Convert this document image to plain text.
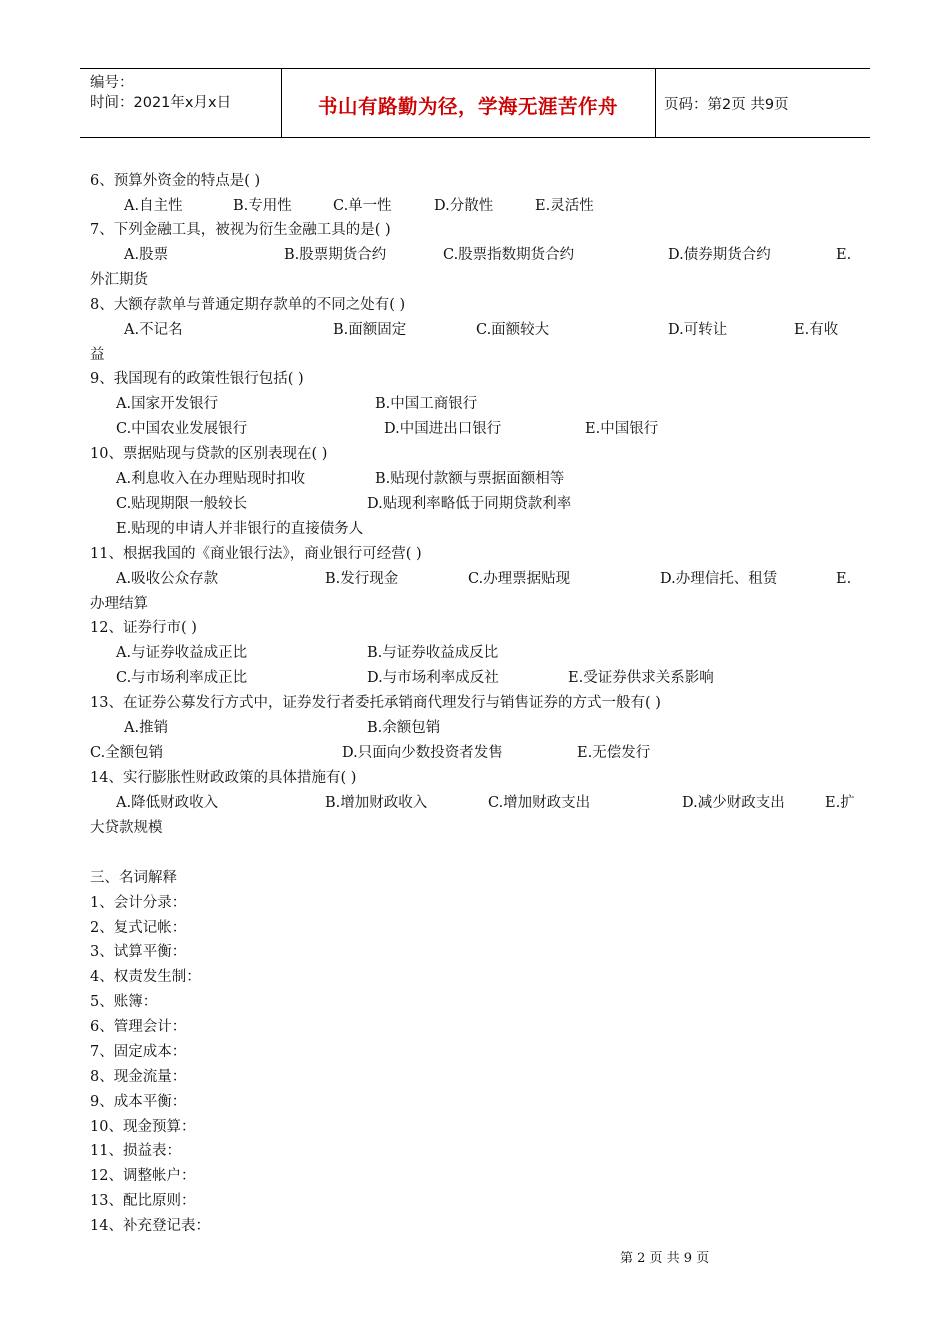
编号：
时间：2021年x月x日	书山有路勤为径，学海无涯苦作舟	页码：第2页 共9页
6、预算外资金的特点是( )
A.自主性	B.专用性	C.单一性	D.分散性	E.灵活性
7、下列金融工具，被视为衍生金融工具的是( )
A.股票	B.股票期货合约	C.股票指数期货合约	D.债券期货合约	E.
外汇期货
8、大额存款单与普通定期存款单的不同之处有( )
A.不记名	B.面额固定	C.面额较大	D.可转让	E.有收
益
9、我国现有的政策性银行包括( )
A.国家开发银行	B.中国工商银行
C.中国农业发展银行	D.中国进出口银行	E.中国银行
10、票据贴现与贷款的区别表现在( )
A.利息收入在办理贴现时扣收	B.贴现付款额与票据面额相等
C.贴现期限一般较长	D.贴现利率略低于同期贷款利率
E.贴现的申请人并非银行的直接债务人
11、根据我国的《商业银行法》，商业银行可经营( )
A.吸收公众存款	B.发行现金	C.办理票据贴现	D.办理信托、租赁	E.
办理结算
12、证券行市( )
A.与证券收益成正比	B.与证券收益成反比
C.与市场利率成正比	D.与市场利率成反社	E.受证券供求关系影响
13、在证券公募发行方式中，证券发行者委托承销商代理发行与销售证券的方式一般有( )
A.推销	B.余额包销
C.全额包销	D.只面向少数投资者发售	E.无偿发行
14、实行膨胀性财政政策的具体措施有( )
A.降低财政收入	B.增加财政收入	C.增加财政支出	D.减少财政支出	E.扩
大贷款规模
三、名词解释
1、会计分录：
2、复式记帐：
3、试算平衡：
4、权责发生制：
5、账簿：
6、管理会计：
7、固定成本：
8、现金流量：
9、成本平衡：
10、现金预算：
11、损益表：
12、调整帐户：
13、配比原则：
14、补充登记表：
第 2 页 共 9 页
